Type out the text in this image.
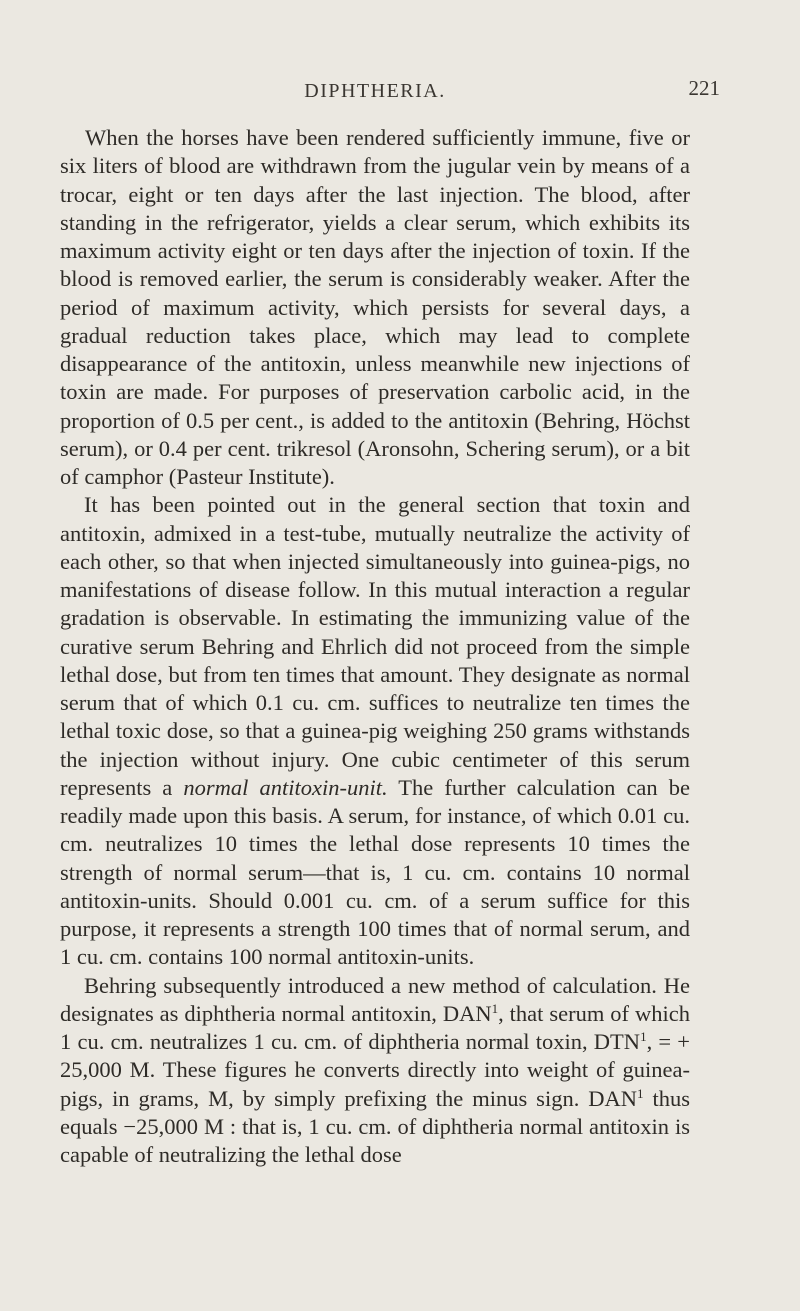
DIPHTHERIA.	221

When the horses have been rendered sufficiently immune, five or six liters of blood are withdrawn from the jugular vein by means of a trocar, eight or ten days after the last injection. The blood, after standing in the refrigerator, yields a clear serum, which exhibits its maximum activity eight or ten days after the injection of toxin. If the blood is removed earlier, the serum is considerably weaker. After the period of maximum activity, which persists for several days, a gradual reduction takes place, which may lead to complete disappearance of the antitoxin, unless meanwhile new injections of toxin are made. For purposes of preservation carbolic acid, in the proportion of 0.5 per cent., is added to the antitoxin (Behring, Höchst serum), or 0.4 per cent. trikresol (Aronsohn, Schering serum), or a bit of camphor (Pasteur Institute).

It has been pointed out in the general section that toxin and antitoxin, admixed in a test-tube, mutually neutralize the activity of each other, so that when injected simultaneously into guinea-pigs, no manifestations of disease follow. In this mutual interaction a regular gradation is observable. In estimating the immunizing value of the curative serum Behring and Ehrlich did not proceed from the simple lethal dose, but from ten times that amount. They designate as normal serum that of which 0.1 cu. cm. suffices to neutralize ten times the lethal toxic dose, so that a guinea-pig weighing 250 grams withstands the injection without injury. One cubic centimeter of this serum represents a normal antitoxin-unit. The further calculation can be readily made upon this basis. A serum, for instance, of which 0.01 cu. cm. neutralizes 10 times the lethal dose represents 10 times the strength of normal serum—that is, 1 cu. cm. contains 10 normal antitoxin-units. Should 0.001 cu. cm. of a serum suffice for this purpose, it represents a strength 100 times that of normal serum, and 1 cu. cm. contains 100 normal antitoxin-units.

Behring subsequently introduced a new method of calculation. He designates as diphtheria normal antitoxin, DAN$^1$, that serum of which 1 cu. cm. neutralizes 1 cu. cm. of diphtheria normal toxin, $DTN^1$, = + 25,000 M. These figures he converts directly into weight of guinea-pigs, in grams, M, by simply prefixing the minus sign. DAN$^1$ thus equals −25,000 M : that is, 1 cu. cm. of diphtheria normal antitoxin is capable of neutralizing the lethal dose
